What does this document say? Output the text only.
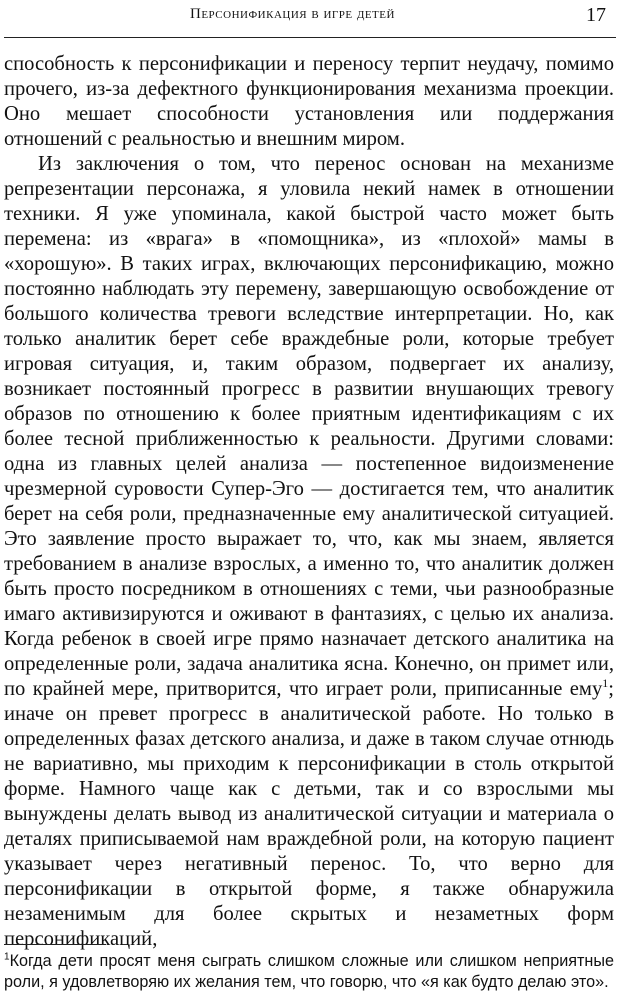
Персонификация в игре детей	17

способность к персонификации и переносу терпит неудачу, помимо прочего, из-за дефектного функционирования механизма проекции. Оно мешает способности установления или поддержания отношений с реальностью и внешним миром.

Из заключения о том, что перенос основан на механизме репрезентации персонажа, я уловила некий намек в отношении техники. Я уже упоминала, какой быстрой часто может быть перемена: из «врага» в «помощника», из «плохой» мамы в «хорошую». В таких играх, включающих персонификацию, можно постоянно наблюдать эту перемену, завершающую освобождение от большого количества тревоги вследствие интерпретации. Но, как только аналитик берет себе враждебные роли, которые требует игровая ситуация, и, таким образом, подвергает их анализу, возникает постоянный прогресс в развитии внушающих тревогу образов по отношению к более приятным идентификациям с их более тесной приближенностью к реальности. Другими словами: одна из главных целей анализа — постепенное видоизменение чрезмерной суровости Супер-Эго — достигается тем, что аналитик берет на себя роли, предназначенные ему аналитической ситуацией. Это заявление просто выражает то, что, как мы знаем, является требованием в анализе взрослых, а именно то, что аналитик должен быть просто посредником в отношениях с теми, чьи разнообразные имаго активизируются и оживают в фантазиях, с целью их анализа. Когда ребенок в своей игре прямо назначает детского аналитика на определенные роли, задача аналитика ясна. Конечно, он примет или, по крайней мере, притворится, что играет роли, приписанные ему$^1$; иначе он превет прогресс в аналитической работе. Но только в определенных фазах детского анализа, и даже в таком случае отнюдь не вариативно, мы приходим к персонификации в столь открытой форме. Намного чаще как с детьми, так и со взрослыми мы вынуждены делать вывод из аналитической ситуации и материала о деталях приписываемой нам враждебной роли, на которую пациент указывает через негативный перенос. То, что верно для персонификации в открытой форме, я также обнаружила незаменимым для более скрытых и незаметных форм персонификаций,

$^1$Когда дети просят меня сыграть слишком сложные или слишком неприятные роли, я удовлетворяю их желания тем, что говорю, что «я как будто делаю это».
